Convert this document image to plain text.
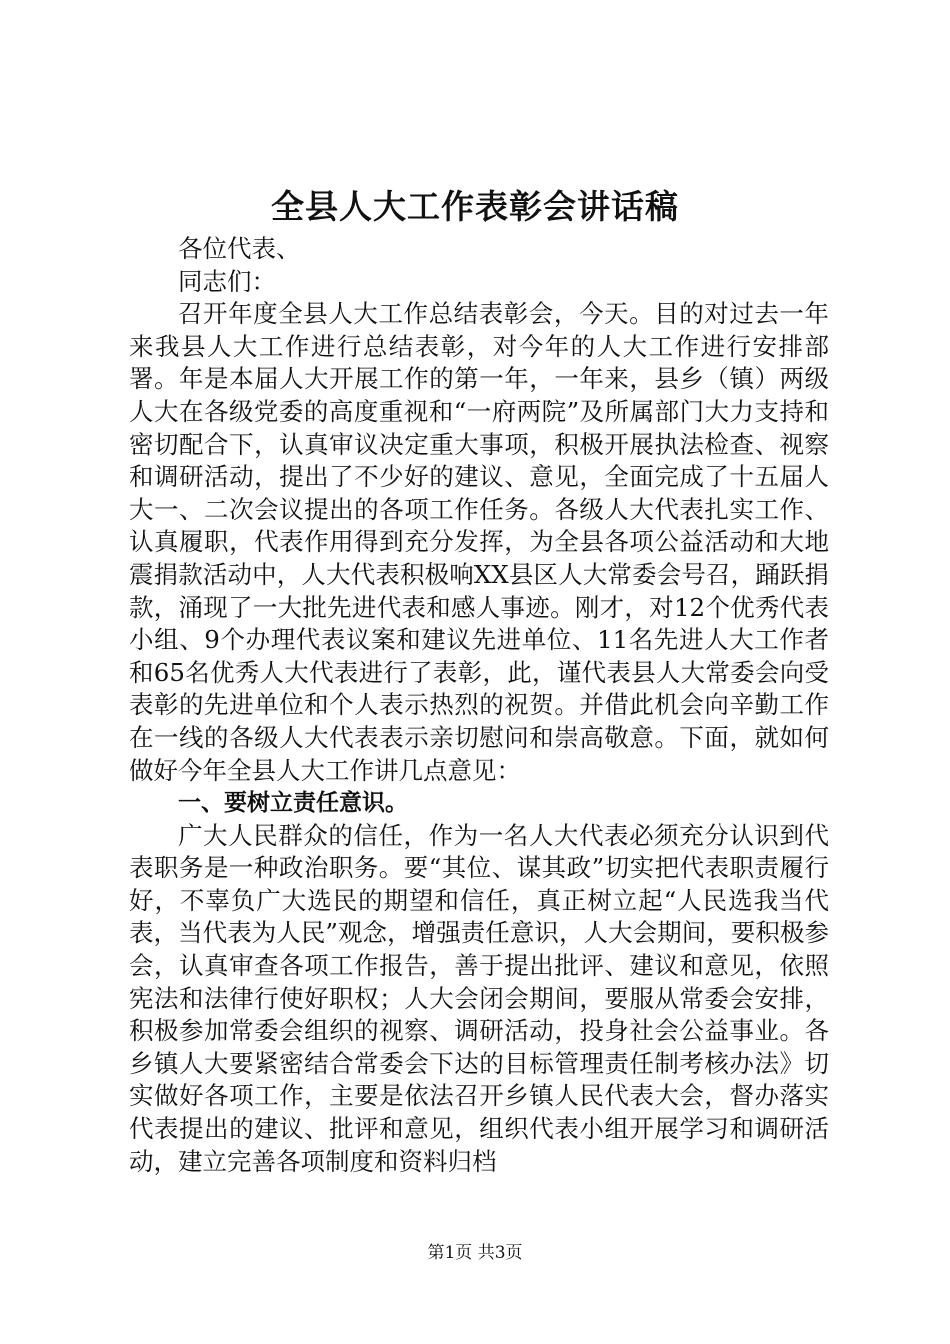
全县人大工作表彰会讲话稿

各位代表、

同志们：

召开年度全县人大工作总结表彰会，今天。目的对过去一年来我县人大工作进行总结表彰，对今年的人大工作进行安排部署。年是本届人大开展工作的第一年，一年来，县乡（镇）两级人大在各级党委的高度重视和“一府两院”及所属部门大力支持和密切配合下，认真审议决定重大事项，积极开展执法检查、视察和调研活动，提出了不少好的建议、意见，全面完成了十五届人大一、二次会议提出的各项工作任务。各级人大代表扎实工作、认真履职，代表作用得到充分发挥，为全县各项公益活动和大地震捐款活动中，人大代表积极响XX县区人大常委会号召，踊跃捐款，涌现了一大批先进代表和感人事迹。刚才，对12个优秀代表小组、9个办理代表议案和建议先进单位、11名先进人大工作者和65名优秀人大代表进行了表彰，此，谨代表县人大常委会向受表彰的先进单位和个人表示热烈的祝贺。并借此机会向辛勤工作在一线的各级人大代表表示亲切慰问和崇高敬意。下面，就如何做好今年全县人大工作讲几点意见：

一、要树立责任意识。

广大人民群众的信任，作为一名人大代表必须充分认识到代表职务是一种政治职务。要“其位、谋其政”切实把代表职责履行好，不辜负广大选民的期望和信任，真正树立起“人民选我当代表，当代表为人民”观念，增强责任意识，人大会期间，要积极参会，认真审查各项工作报告，善于提出批评、建议和意见，依照宪法和法律行使好职权；人大会闭会期间，要服从常委会安排，积极参加常委会组织的视察、调研活动，投身社会公益事业。各乡镇人大要紧密结合常委会下达的目标管理责任制考核办法》切实做好各项工作，主要是依法召开乡镇人民代表大会，督办落实代表提出的建议、批评和意见，组织代表小组开展学习和调研活动，建立完善各项制度和资料归档

第1页 共3页
